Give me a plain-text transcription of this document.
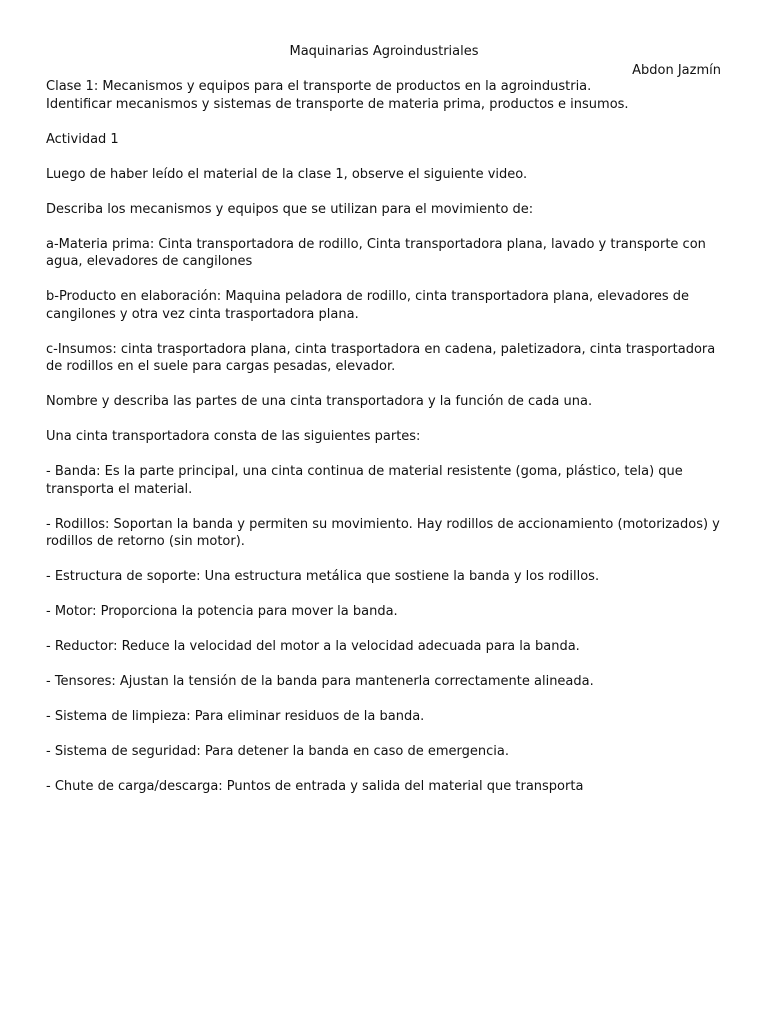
Maquinarias Agroindustriales
Abdon Jazmín

Clase 1: Mecanismos y equipos para el transporte de productos en la agroindustria.

Identificar mecanismos y sistemas de transporte de materia prima, productos e insumos.

Actividad 1

Luego de haber leído el material de la clase 1, observe el siguiente video.

Describa los mecanismos y equipos que se utilizan para el movimiento de:

a-Materia prima: Cinta transportadora de rodillo, Cinta transportadora plana, lavado y transporte con agua, elevadores de cangilones

b-Producto en elaboración: Maquina peladora de rodillo, cinta transportadora plana, elevadores de cangilones y otra vez cinta trasportadora plana.

c-Insumos: cinta trasportadora plana, cinta trasportadora en cadena, paletizadora, cinta trasportadora de rodillos en el suele para cargas pesadas, elevador.

Nombre y describa las partes de una cinta transportadora y la función de cada una.

Una cinta transportadora consta de las siguientes partes:

- Banda: Es la parte principal, una cinta continua de material resistente (goma, plástico, tela) que transporta el material.

- Rodillos: Soportan la banda y permiten su movimiento. Hay rodillos de accionamiento (motorizados) y rodillos de retorno (sin motor).

- Estructura de soporte: Una estructura metálica que sostiene la banda y los rodillos.

- Motor: Proporciona la potencia para mover la banda.

- Reductor: Reduce la velocidad del motor a la velocidad adecuada para la banda.

- Tensores: Ajustan la tensión de la banda para mantenerla correctamente alineada.

- Sistema de limpieza: Para eliminar residuos de la banda.

- Sistema de seguridad: Para detener la banda en caso de emergencia.

- Chute de carga/descarga: Puntos de entrada y salida del material que transporta
